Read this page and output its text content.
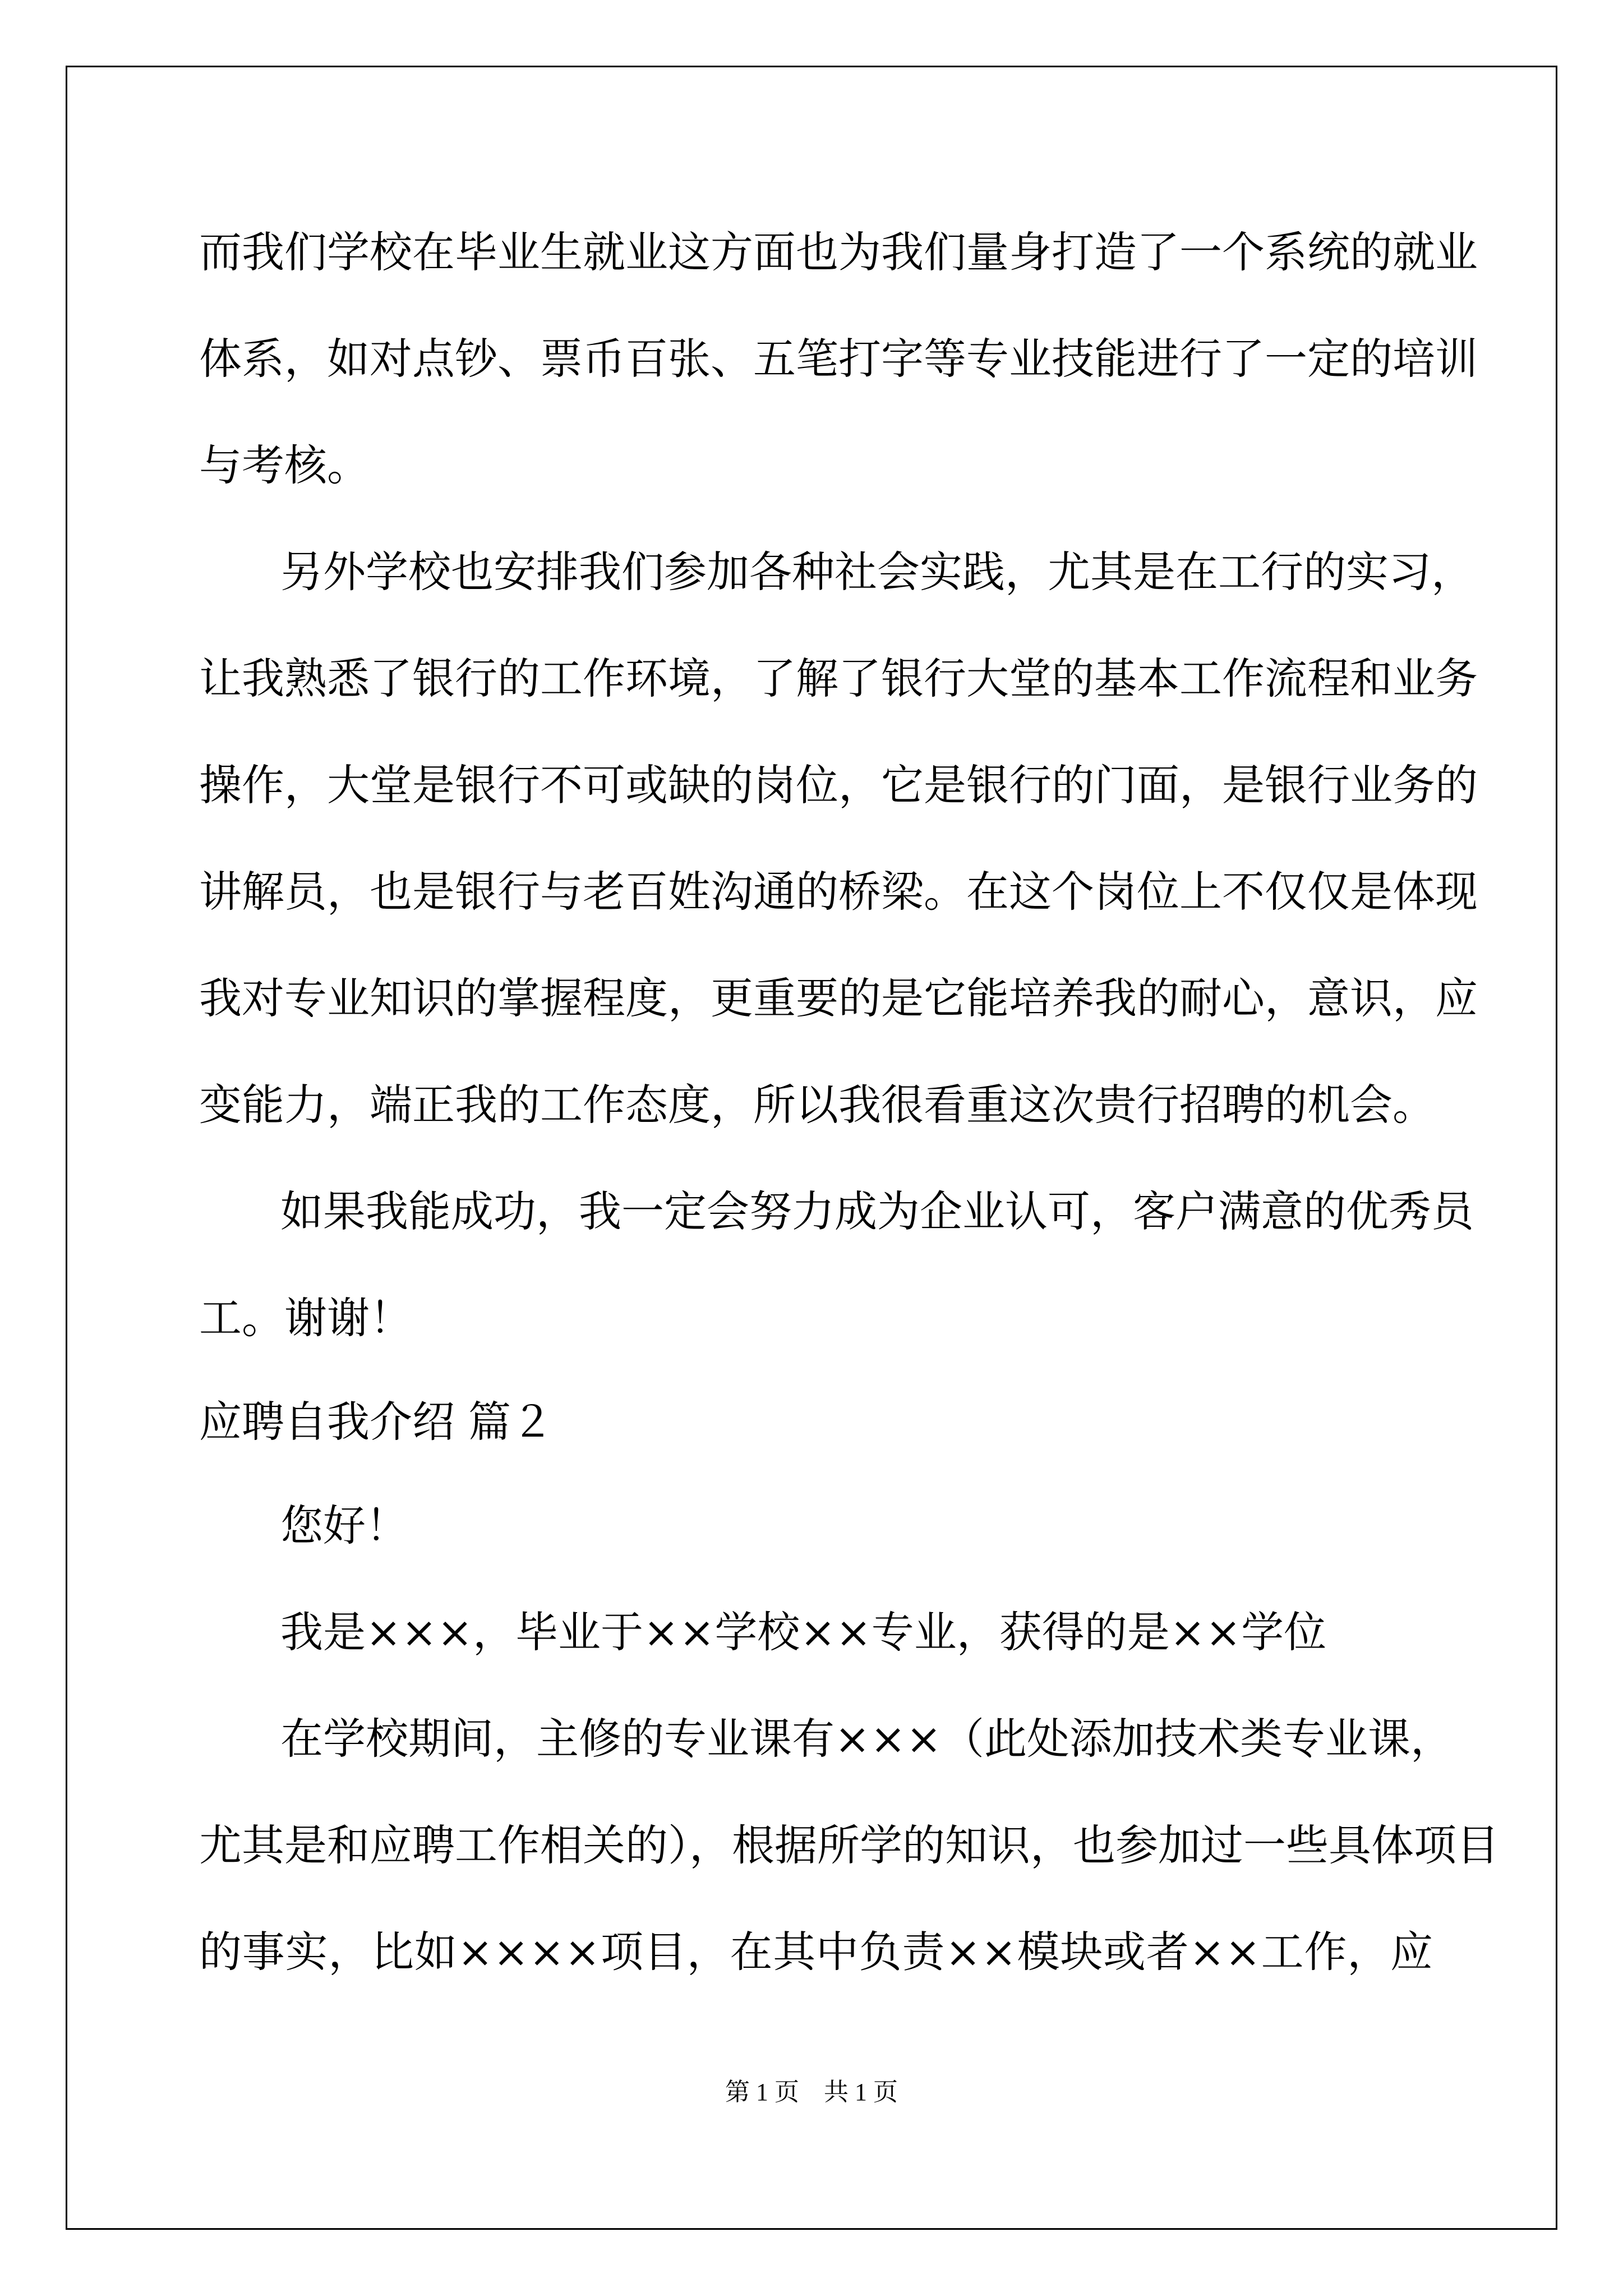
而我们学校在毕业生就业这方面也为我们量身打造了一个系统的就业
体系，如对点钞、票币百张、五笔打字等专业技能进行了一定的培训
与考核。
另外学校也安排我们参加各种社会实践，尤其是在工行的实习，
让我熟悉了银行的工作环境，了解了银行大堂的基本工作流程和业务
操作，大堂是银行不可或缺的岗位，它是银行的门面，是银行业务的
讲解员，也是银行与老百姓沟通的桥梁。在这个岗位上不仅仅是体现
我对专业知识的掌握程度，更重要的是它能培养我的耐心，意识，应
变能力，端正我的工作态度，所以我很看重这次贵行招聘的机会。
如果我能成功，我一定会努力成为企业认可，客户满意的优秀员
工。谢谢！
应聘自我介绍 篇２
您好！
我是×××，毕业于××学校××专业，获得的是××学位
在学校期间，主修的专业课有×××（此处添加技术类专业课，
尤其是和应聘工作相关的），根据所学的知识，也参加过一些具体项目
的事实，比如××××项目，在其中负责××模块或者××工作，应
第 1 页　共 1 页
